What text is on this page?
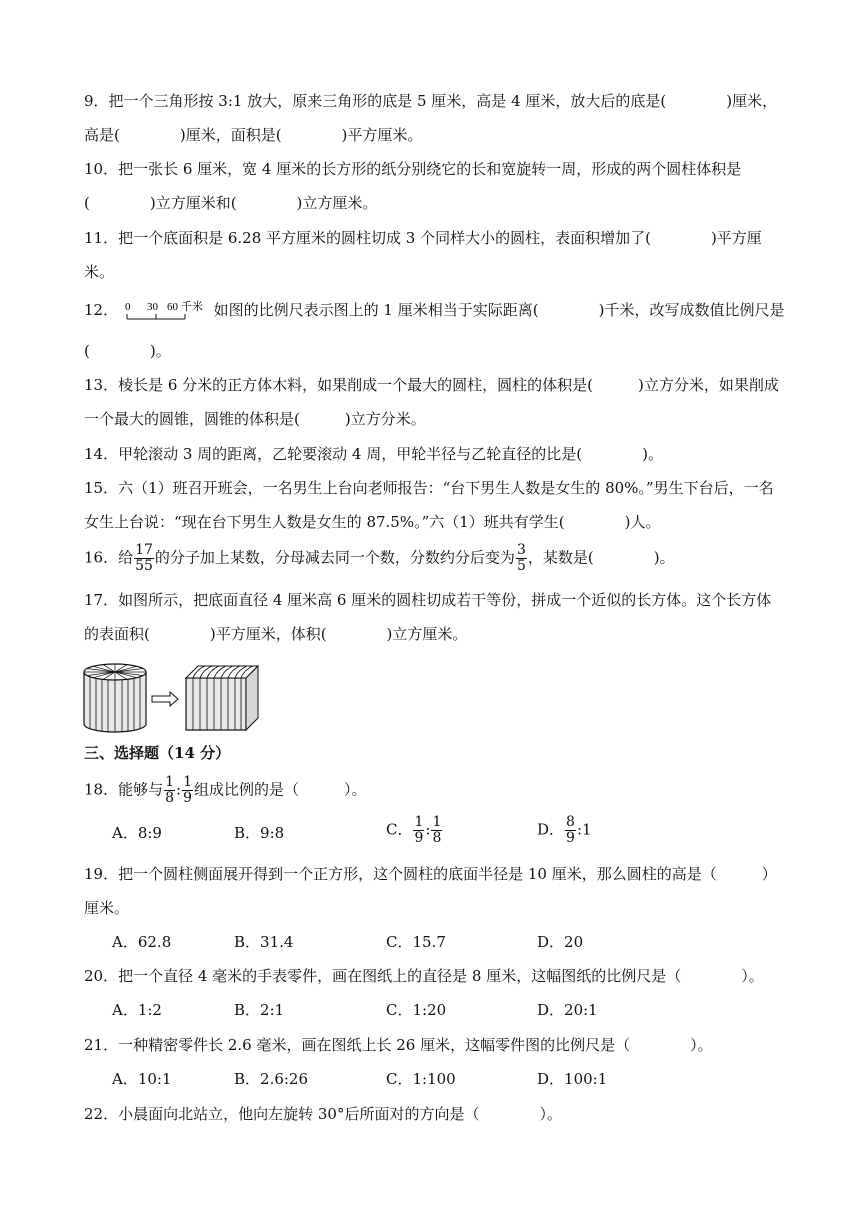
9．把一个三角形按 3:1 放大，原来三角形的底是 5 厘米，高是 4 厘米，放大后的底是(　　　　)厘米，
高是(　　　　)厘米，面积是(　　　　)平方厘米。
10．把一张长 6 厘米，宽 4 厘米的长方形的纸分别绕它的长和宽旋转一周，形成的两个圆柱体积是
(　　　　)立方厘米和(　　　　)立方厘米。
11．把一个底面积是 6.28 平方厘米的圆柱切成 3 个同样大小的圆柱，表面积增加了(　　　　)平方厘
米。
12． 0 30 60 千米 如图的比例尺表示图上的 1 厘米相当于实际距离(　　　　)千米，改写成数值比例尺是
(　　　　)。
13．棱长是 6 分米的正方体木料，如果削成一个最大的圆柱，圆柱的体积是(　　　)立方分米，如果削成
一个最大的圆锥，圆锥的体积是(　　　)立方分米。
14．甲轮滚动 3 周的距离，乙轮要滚动 4 周，甲轮半径与乙轮直径的比是(　　　　)。
15．六（1）班召开班会，一名男生上台向老师报告：“台下男生人数是女生的 80%。”男生下台后，一名
女生上台说：“现在台下男生人数是女生的 87.5%。”六（1）班共有学生(　　　　)人。
16．给 $\frac{17}{55}$ 的分子加上某数，分母减去同一个数，分数约分后变为 $\frac{3}{5}$ ，某数是(　　　　)。
17．如图所示，把底面直径 4 厘米高 6 厘米的圆柱切成若干等份，拼成一个近似的长方体。这个长方体
的表面积(　　　　)平方厘米，体积(　　　　)立方厘米。
三、选择题（14 分）
18．能够与 $\frac{1}{8}$ : $\frac{1}{9}$ 组成比例的是（　　　）。
A．8:9	B．9:8	C． $\frac{1}{9}$ : $\frac{1}{8}$	D． $\frac{8}{9}$ :1
19．把一个圆柱侧面展开得到一个正方形，这个圆柱的底面半径是 10 厘米，那么圆柱的高是（　　　）
厘米。
A．62.8	B．31.4	C．15.7	D．20
20．把一个直径 4 毫米的手表零件，画在图纸上的直径是 8 厘米，这幅图纸的比例尺是（　　　　）。
A．1:2	B．2:1	C．1:20	D．20:1
21．一种精密零件长 2.6 毫米，画在图纸上长 26 厘米，这幅零件图的比例尺是（　　　　）。
A．10:1	B．2.6:26	C．1:100	D．100:1
22．小晨面向北站立，他向左旋转 30°后所面对的方向是（　　　　）。
